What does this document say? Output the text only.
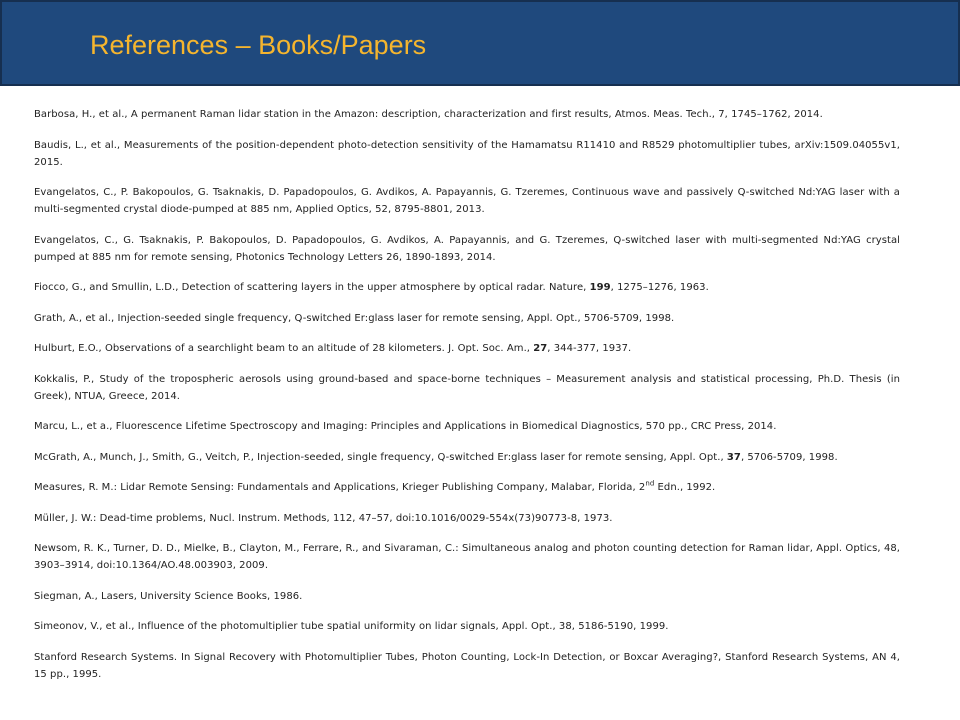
References – Books/Papers

Barbosa, H., et al., A permanent Raman lidar station in the Amazon: description, characterization and first results, Atmos. Meas. Tech., 7, 1745–1762, 2014.

Baudis, L., et al., Measurements of the position-dependent photo-detection sensitivity of the Hamamatsu R11410 and R8529 photomultiplier tubes, arXiv:1509.04055v1, 2015.

Evangelatos, C., P. Bakopoulos, G. Tsaknakis, D. Papadopoulos, G. Avdikos, A. Papayannis, G. Tzeremes, Continuous wave and passively Q-switched Nd:YAG laser with a multi-segmented crystal diode-pumped at 885 nm, Applied Optics, 52, 8795-8801, 2013.

Evangelatos, C., G. Tsaknakis, P. Bakopoulos, D. Papadopoulos, G. Avdikos, A. Papayannis, and G. Tzeremes, Q-switched laser with multi-segmented Nd:YAG crystal pumped at 885 nm for remote sensing, Photonics Technology Letters 26, 1890-1893, 2014.

Fiocco, G., and Smullin, L.D., Detection of scattering layers in the upper atmosphere by optical radar. Nature, 199, 1275–1276, 1963.

Grath, A., et al., Injection-seeded single frequency, Q-switched Er:glass laser for remote sensing, Appl. Opt., 5706-5709, 1998.

Hulburt, E.O., Observations of a searchlight beam to an altitude of 28 kilometers. J. Opt. Soc. Am., 27, 344-377, 1937.

Kokkalis, P., Study of the tropospheric aerosols using ground-based and space-borne techniques – Measurement analysis and statistical processing, Ph.D. Thesis (in Greek), NTUA, Greece, 2014.

Marcu, L., et a., Fluorescence Lifetime Spectroscopy and Imaging: Principles and Applications in Biomedical Diagnostics, 570 pp., CRC Press, 2014.

McGrath, A., Munch, J., Smith, G., Veitch, P., Injection-seeded, single frequency, Q-switched Er:glass laser for remote sensing, Appl. Opt., 37, 5706-5709, 1998.

Measures, R. M.: Lidar Remote Sensing: Fundamentals and Applications, Krieger Publishing Company, Malabar, Florida, 2nd Edn., 1992.

Müller, J. W.: Dead-time problems, Nucl. Instrum. Methods, 112, 47–57, doi:10.1016/0029-554x(73)90773-8, 1973.

Newsom, R. K., Turner, D. D., Mielke, B., Clayton, M., Ferrare, R., and Sivaraman, C.: Simultaneous analog and photon counting detection for Raman lidar, Appl. Optics, 48, 3903–3914, doi:10.1364/AO.48.003903, 2009.

Siegman, A., Lasers, University Science Books, 1986.

Simeonov, V., et al., Influence of the photomultiplier tube spatial uniformity on lidar signals, Appl. Opt., 38, 5186-5190, 1999.

Stanford Research Systems. In Signal Recovery with Photomultiplier Tubes, Photon Counting, Lock-In Detection, or Boxcar Averaging?, Stanford Research Systems, AN 4, 15 pp., 1995.
